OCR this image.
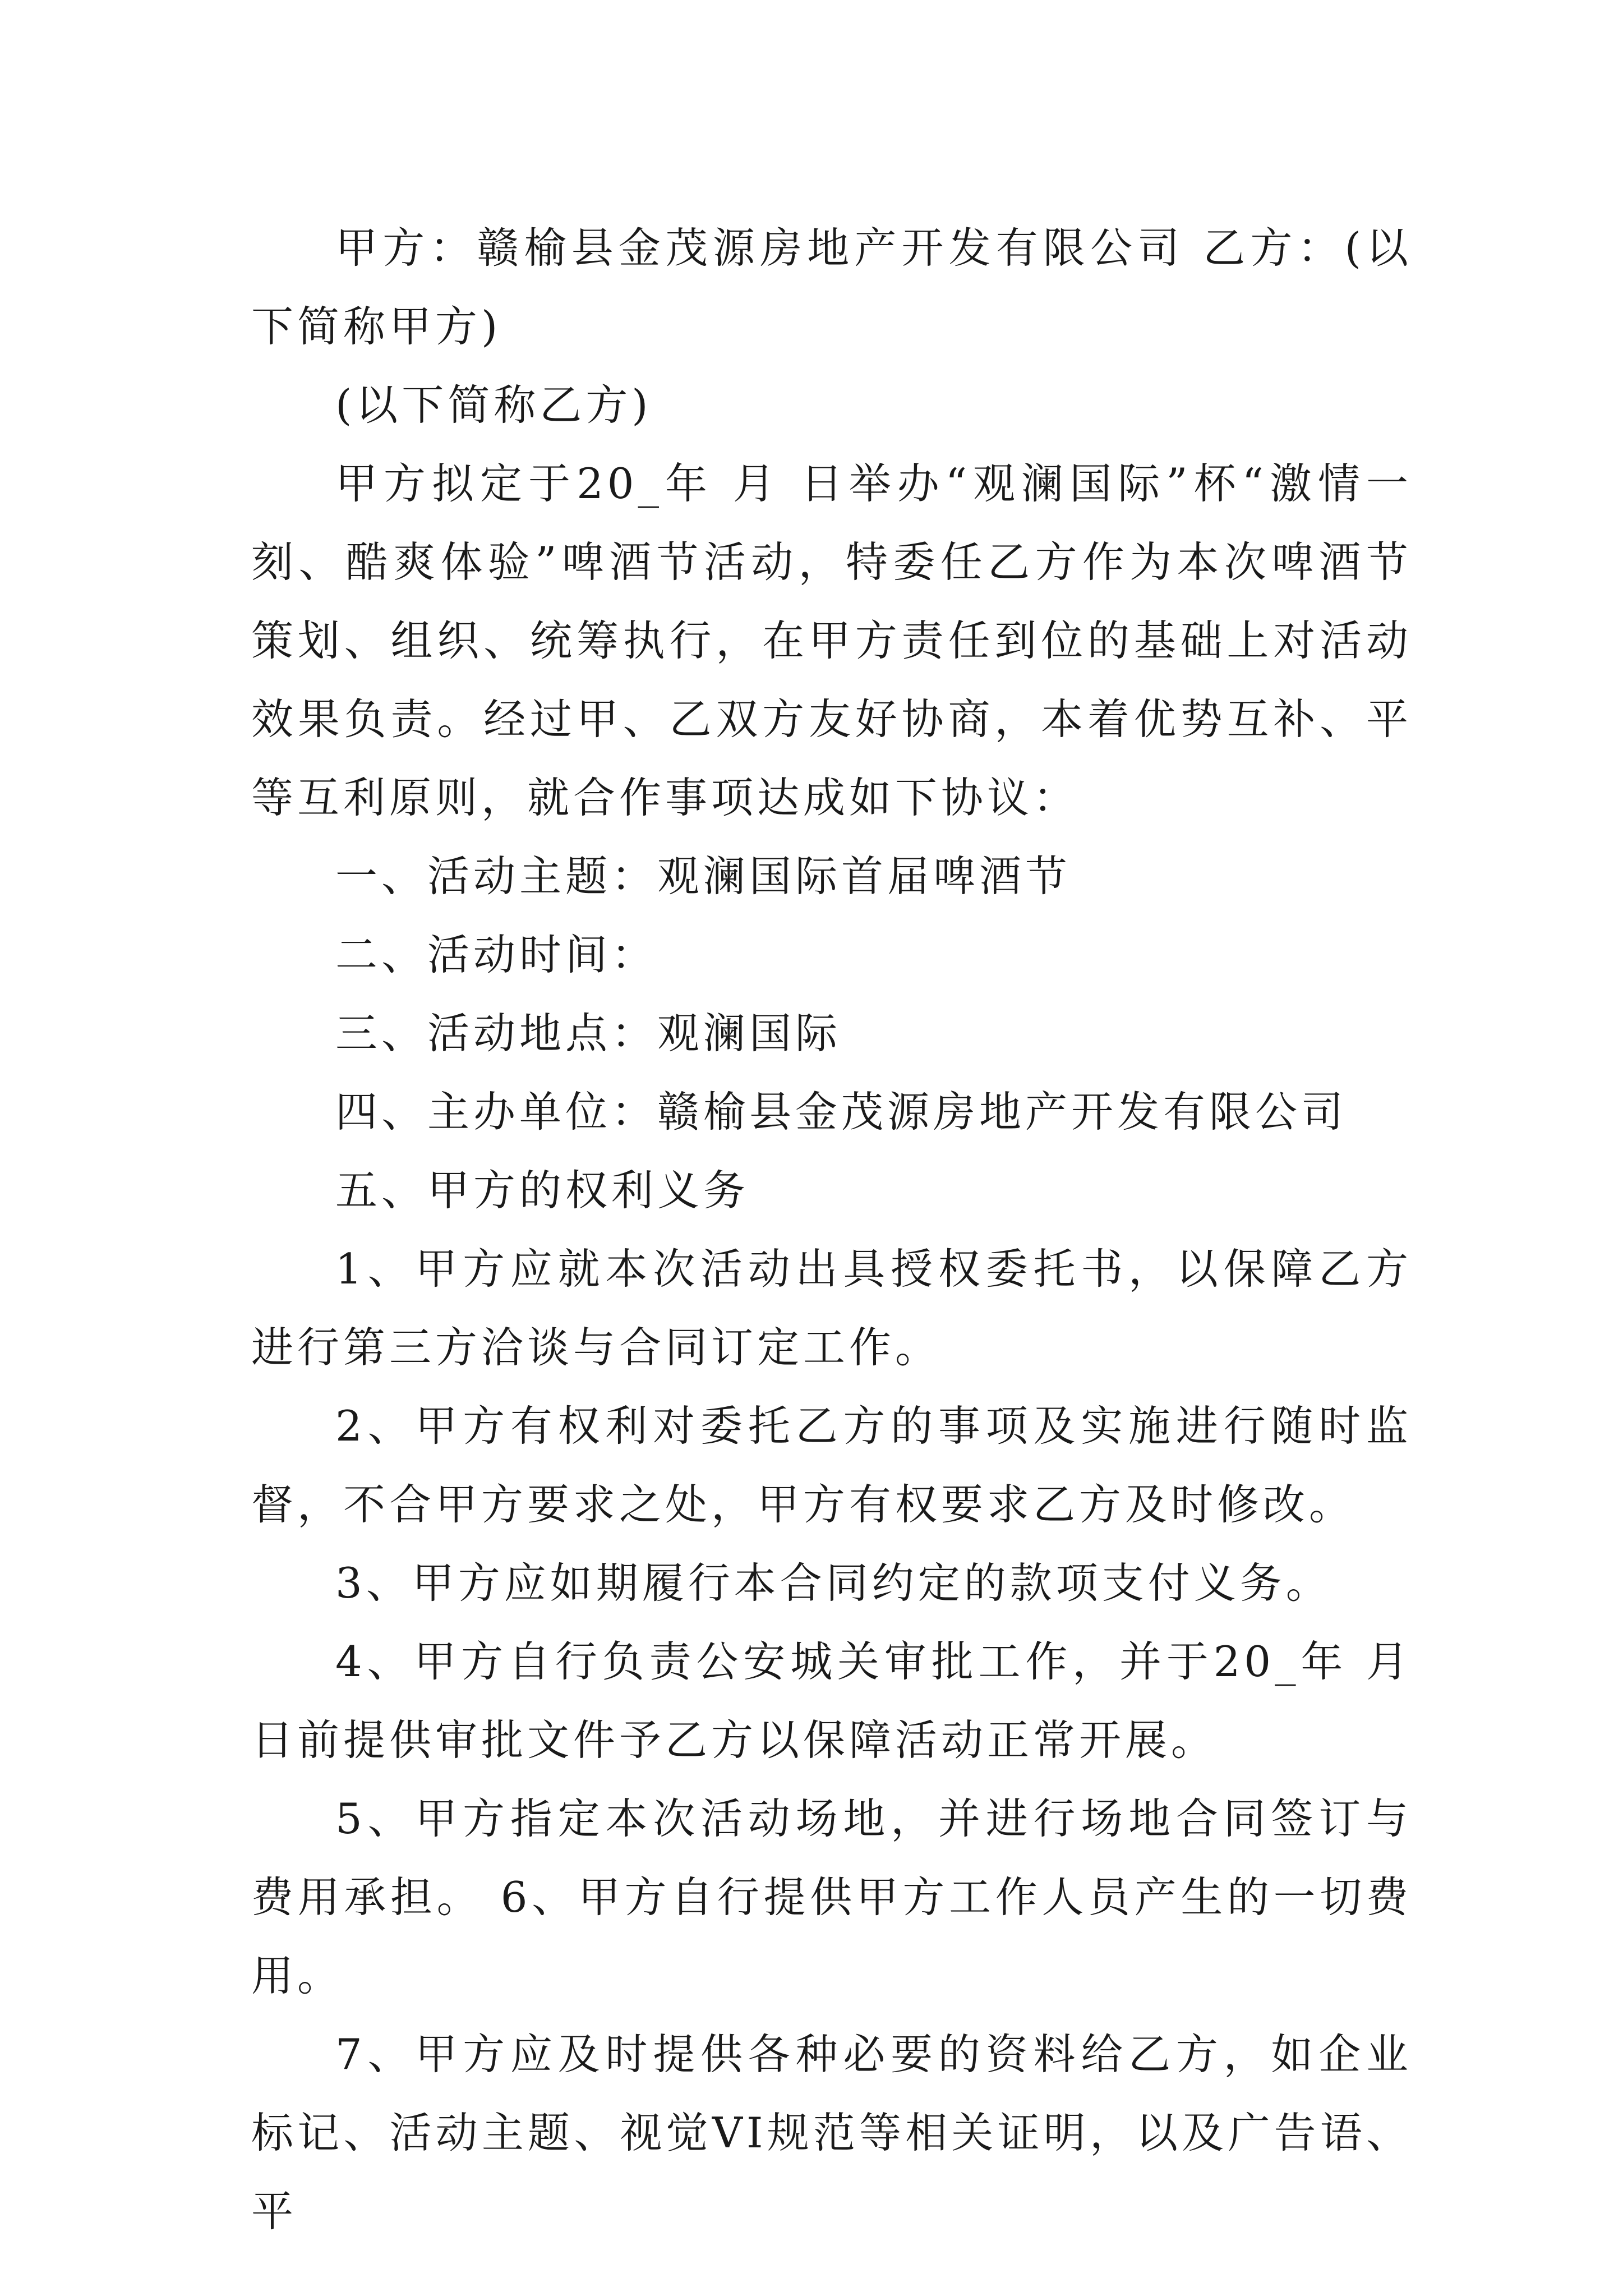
甲方：赣榆县金茂源房地产开发有限公司 乙方：(以下简称甲方)

(以下简称乙方)

甲方拟定于20_年 月 日举办“观澜国际”杯“激情一刻、酷爽体验”啤酒节活动，特委任乙方作为本次啤酒节策划、组织、统筹执行，在甲方责任到位的基础上对活动效果负责。经过甲、乙双方友好协商，本着优势互补、平等互利原则，就合作事项达成如下协议：

一、活动主题：观澜国际首届啤酒节

二、活动时间：

三、活动地点：观澜国际

四、主办单位：赣榆县金茂源房地产开发有限公司

五、甲方的权利义务

1、甲方应就本次活动出具授权委托书，以保障乙方进行第三方洽谈与合同订定工作。

2、甲方有权利对委托乙方的事项及实施进行随时监督，不合甲方要求之处，甲方有权要求乙方及时修改。

3、甲方应如期履行本合同约定的款项支付义务。

4、甲方自行负责公安城关审批工作，并于20_年 月 日前提供审批文件予乙方以保障活动正常开展。

5、甲方指定本次活动场地，并进行场地合同签订与费用承担。 6、甲方自行提供甲方工作人员产生的一切费用。

7、甲方应及时提供各种必要的资料给乙方，如企业标记、活动主题、视觉VI规范等相关证明，以及广告语、平
